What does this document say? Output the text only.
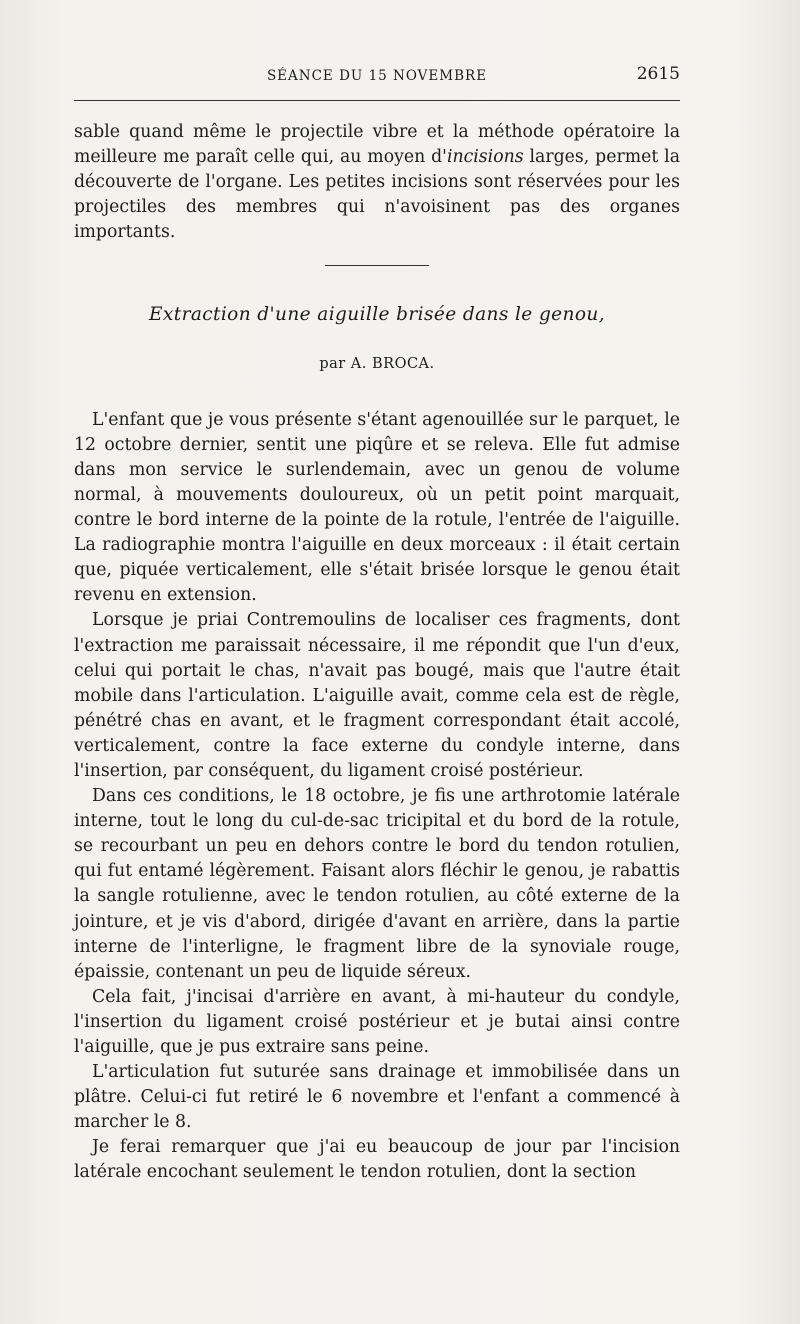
SÉANCE DU 15 NOVEMBRE	2615

sable quand même le projectile vibre et la méthode opératoire la meilleure me paraît celle qui, au moyen d'incisions larges, permet la découverte de l'organe. Les petites incisions sont réservées pour les projectiles des membres qui n'avoisinent pas des organes importants.

Extraction d'une aiguille brisée dans le genou,
par A. BROCA.

L'enfant que je vous présente s'étant agenouillée sur le parquet, le 12 octobre dernier, sentit une piqûre et se releva. Elle fut admise dans mon service le surlendemain, avec un genou de volume normal, à mouvements douloureux, où un petit point marquait, contre le bord interne de la pointe de la rotule, l'entrée de l'aiguille. La radiographie montra l'aiguille en deux morceaux : il était certain que, piquée verticalement, elle s'était brisée lorsque le genou était revenu en extension.

Lorsque je priai Contremoulins de localiser ces fragments, dont l'extraction me paraissait nécessaire, il me répondit que l'un d'eux, celui qui portait le chas, n'avait pas bougé, mais que l'autre était mobile dans l'articulation. L'aiguille avait, comme cela est de règle, pénétré chas en avant, et le fragment correspondant était accolé, verticalement, contre la face externe du condyle interne, dans l'insertion, par conséquent, du ligament croisé postérieur.

Dans ces conditions, le 18 octobre, je fis une arthrotomie latérale interne, tout le long du cul-de-sac tricipital et du bord de la rotule, se recourbant un peu en dehors contre le bord du tendon rotulien, qui fut entamé légèrement. Faisant alors fléchir le genou, je rabattis la sangle rotulienne, avec le tendon rotulien, au côté externe de la jointure, et je vis d'abord, dirigée d'avant en arrière, dans la partie interne de l'interligne, le fragment libre de la synoviale rouge, épaissie, contenant un peu de liquide séreux.

Cela fait, j'incisai d'arrière en avant, à mi-hauteur du condyle, l'insertion du ligament croisé postérieur et je butai ainsi contre l'aiguille, que je pus extraire sans peine.

L'articulation fut suturée sans drainage et immobilisée dans un plâtre. Celui-ci fut retiré le 6 novembre et l'enfant a commencé à marcher le 8.

Je ferai remarquer que j'ai eu beaucoup de jour par l'incision latérale encochant seulement le tendon rotulien, dont la section
